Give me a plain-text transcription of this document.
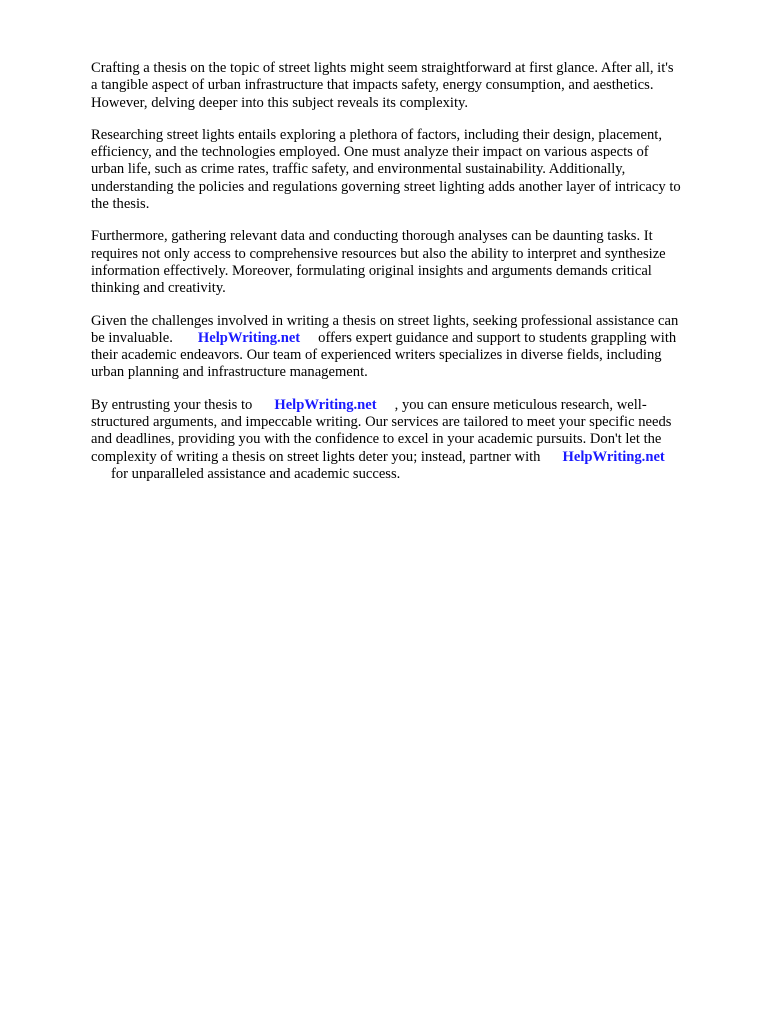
Crafting a thesis on the topic of street lights might seem straightforward at first glance. After all, it's
a tangible aspect of urban infrastructure that impacts safety, energy consumption, and aesthetics.
However, delving deeper into this subject reveals its complexity.

Researching street lights entails exploring a plethora of factors, including their design, placement,
efficiency, and the technologies employed. One must analyze their impact on various aspects of
urban life, such as crime rates, traffic safety, and environmental sustainability. Additionally,
understanding the policies and regulations governing street lighting adds another layer of intricacy to
the thesis.

Furthermore, gathering relevant data and conducting thorough analyses can be daunting tasks. It
requires not only access to comprehensive resources but also the ability to interpret and synthesize
information effectively. Moreover, formulating original insights and arguments demands critical
thinking and creativity.

Given the challenges involved in writing a thesis on street lights, seeking professional assistance can
be invaluable. HelpWriting.net offers expert guidance and support to students grappling with
their academic endeavors. Our team of experienced writers specializes in diverse fields, including
urban planning and infrastructure management.

By entrusting your thesis to HelpWriting.net , you can ensure meticulous research, well-
structured arguments, and impeccable writing. Our services are tailored to meet your specific needs
and deadlines, providing you with the confidence to excel in your academic pursuits. Don't let the
complexity of writing a thesis on street lights deter you; instead, partner with HelpWriting.net
for unparalleled assistance and academic success.
